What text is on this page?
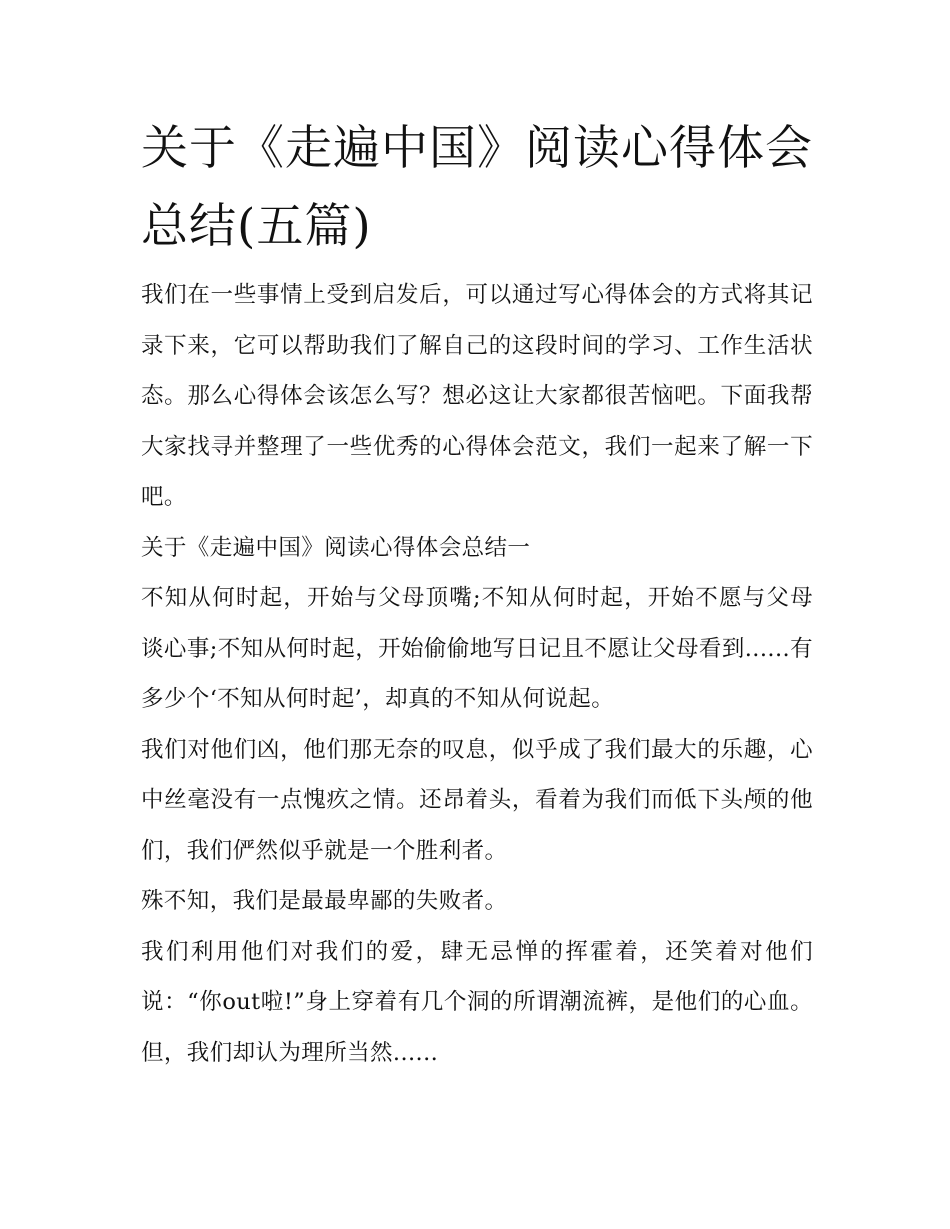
关于《走遍中国》阅读心得体会总结(五篇)

我们在一些事情上受到启发后，可以通过写心得体会的方式将其记录下来，它可以帮助我们了解自己的这段时间的学习、工作生活状态。那么心得体会该怎么写？想必这让大家都很苦恼吧。下面我帮大家找寻并整理了一些优秀的心得体会范文，我们一起来了解一下吧。

关于《走遍中国》阅读心得体会总结一

不知从何时起，开始与父母顶嘴;不知从何时起，开始不愿与父母谈心事;不知从何时起，开始偷偷地写日记且不愿让父母看到......有多少个‘不知从何时起’，却真的不知从何说起。

我们对他们凶，他们那无奈的叹息，似乎成了我们最大的乐趣，心中丝毫没有一点愧疚之情。还昂着头，看着为我们而低下头颅的他们，我们俨然似乎就是一个胜利者。

殊不知，我们是最最卑鄙的失败者。

我们利用他们对我们的爱，肆无忌惮的挥霍着，还笑着对他们说：“你out啦!”身上穿着有几个洞的所谓潮流裤，是他们的心血。但，我们却认为理所当然......
